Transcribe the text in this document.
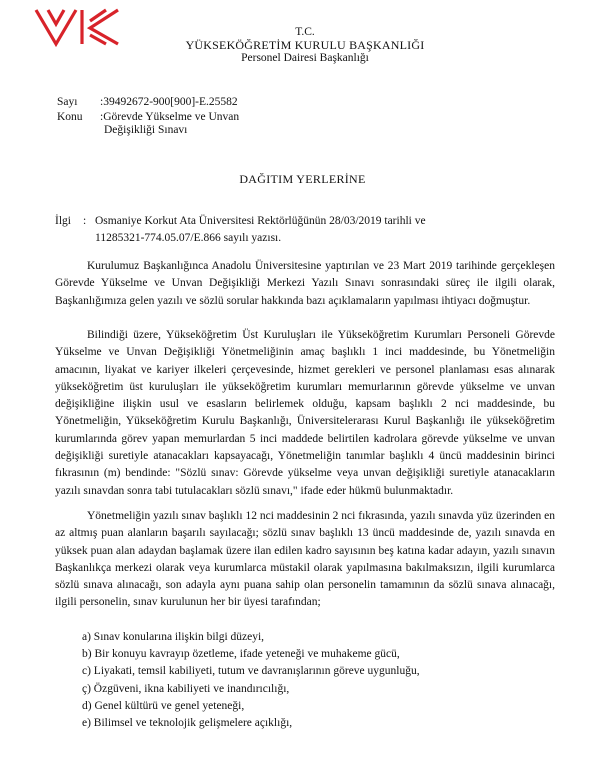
T.C.
YÜKSEKÖĞRETİM KURULU BAŞKANLIĞI
Personel Dairesi Başkanlığı
Sayı :39492672-900[900]-E.25582
Konu :Görevde Yükselme ve Unvan
Değişikliği Sınavı
DAĞITIM YERLERİNE
İlgi : Osmaniye Korkut Ata Üniversitesi Rektörlüğünün 28/03/2019 tarihli ve
11285321-774.05.07/E.866 sayılı yazısı.

Kurulumuz Başkanlığınca Anadolu Üniversitesine yaptırılan ve 23 Mart 2019 tarihinde gerçekleşen Görevde Yükselme ve Unvan Değişikliği Merkezi Yazılı Sınavı sonrasındaki süreç ile ilgili olarak, Başkanlığımıza gelen yazılı ve sözlü sorular hakkında bazı açıklamaların yapılması ihtiyacı doğmuştur.

Bilindiği üzere, Yükseköğretim Üst Kuruluşları ile Yükseköğretim Kurumları Personeli Görevde Yükselme ve Unvan Değişikliği Yönetmeliğinin amaç başlıklı 1 inci maddesinde, bu Yönetmeliğin amacının, liyakat ve kariyer ilkeleri çerçevesinde, hizmet gerekleri ve personel planlaması esas alınarak yükseköğretim üst kuruluşları ile yükseköğretim kurumları memurlarının görevde yükselme ve unvan değişikliğine ilişkin usul ve esasların belirlemek olduğu, kapsam başlıklı 2 nci maddesinde, bu Yönetmeliğin, Yükseköğretim Kurulu Başkanlığı, Üniversitelerarası Kurul Başkanlığı ile yükseköğretim kurumlarında görev yapan memurlardan 5 inci maddede belirtilen kadrolara görevde yükselme ve unvan değişikliği suretiyle atanacakları kapsayacağı, Yönetmeliğin tanımlar başlıklı 4 üncü maddesinin birinci fıkrasının (m) bendinde: "Sözlü sınav: Görevde yükselme veya unvan değişikliği suretiyle atanacakların yazılı sınavdan sonra tabi tutulacakları sözlü sınavı," ifade eder hükmü bulunmaktadır.

Yönetmeliğin yazılı sınav başlıklı 12 nci maddesinin 2 nci fıkrasında, yazılı sınavda yüz üzerinden en az altmış puan alanların başarılı sayılacağı; sözlü sınav başlıklı 13 üncü maddesinde de, yazılı sınavda en yüksek puan alan adaydan başlamak üzere ilan edilen kadro sayısının beş katına kadar adayın, yazılı sınavın Başkanlıkça merkezi olarak veya kurumlarca müstakil olarak yapılmasına bakılmaksızın, ilgili kurumlarca sözlü sınava alınacağı, son adayla aynı puana sahip olan personelin tamamının da sözlü sınava alınacağı, ilgili personelin, sınav kurulunun her bir üyesi tarafından;

a) Sınav konularına ilişkin bilgi düzeyi,
b) Bir konuyu kavrayıp özetleme, ifade yeteneği ve muhakeme gücü,
c) Liyakati, temsil kabiliyeti, tutum ve davranışlarının göreve uygunluğu,
ç) Özgüveni, ikna kabiliyeti ve inandırıcılığı,
d) Genel kültürü ve genel yeteneği,
e) Bilimsel ve teknolojik gelişmelere açıklığı,
